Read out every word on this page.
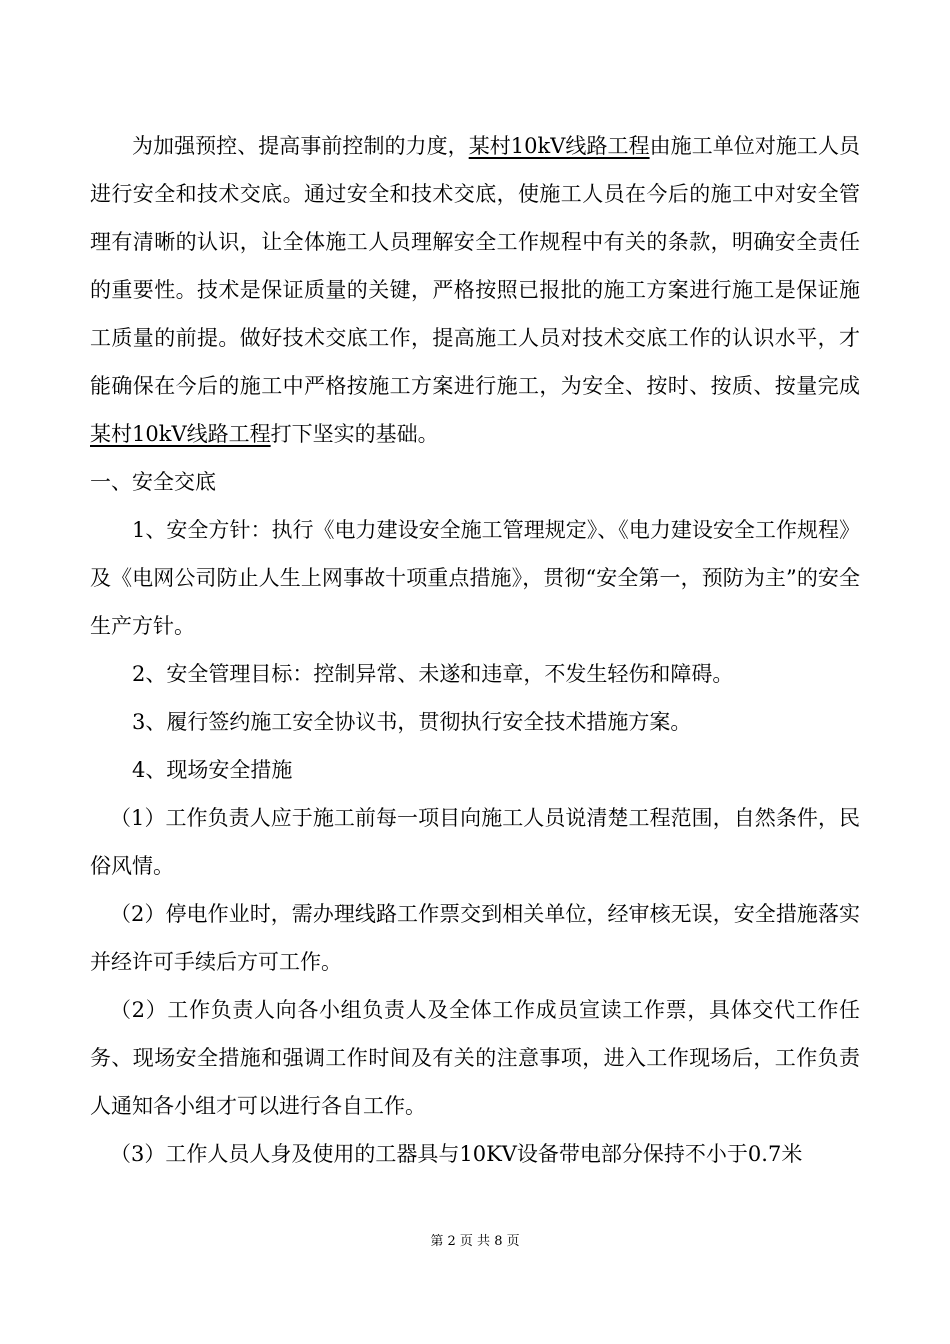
为加强预控、提高事前控制的力度，某村10kV线路工程由施工单位对施工人员进行安全和技术交底。通过安全和技术交底，使施工人员在今后的施工中对安全管理有清晰的认识，让全体施工人员理解安全工作规程中有关的条款，明确安全责任的重要性。技术是保证质量的关键，严格按照已报批的施工方案进行施工是保证施工质量的前提。做好技术交底工作，提高施工人员对技术交底工作的认识水平，才能确保在今后的施工中严格按施工方案进行施工，为安全、按时、按质、按量完成某村10kV线路工程打下坚实的基础。

一、安全交底

1、安全方针：执行《电力建设安全施工管理规定》、《电力建设安全工作规程》及《电网公司防止人生上网事故十项重点措施》，贯彻“安全第一，预防为主”的安全生产方针。

2、安全管理目标：控制异常、未遂和违章，不发生轻伤和障碍。

3、履行签约施工安全协议书，贯彻执行安全技术措施方案。

4、现场安全措施

（1）工作负责人应于施工前每一项目向施工人员说清楚工程范围，自然条件，民俗风情。

（2）停电作业时，需办理线路工作票交到相关单位，经审核无误，安全措施落实并经许可手续后方可工作。

（2）工作负责人向各小组负责人及全体工作成员宣读工作票，具体交代工作任务、现场安全措施和强调工作时间及有关的注意事项，进入工作现场后，工作负责人通知各小组才可以进行各自工作。

（3）工作人员人身及使用的工器具与10KV设备带电部分保持不小于0.7米

第 2 页 共 8 页
